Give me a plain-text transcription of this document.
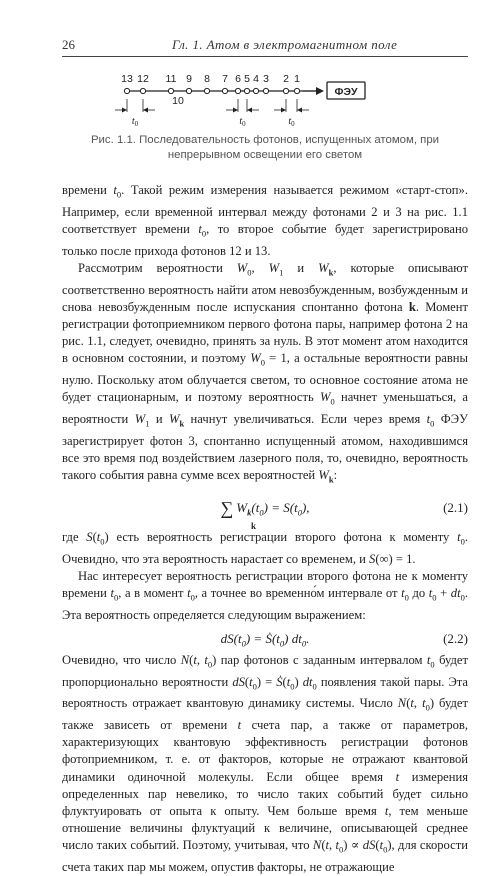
26	Гл. 1. Атом в электромагнитном поле
13 12 11 9 8 7 6 5 4 3 2 1
10
ФЭУ
$t_0$	$t_0$	$t_0$
Рис. 1.1. Последовательность фотонов, испущенных атомом, при непрерывном освещении его светом

времени $t_0$. Такой режим измерения называется режимом «старт-стоп». Например, если временной интервал между фотонами 2 и 3 на рис. 1.1 соответствует времени $t_0$, то второе событие будет зарегистрировано только после прихода фотонов 12 и 13.

Рассмотрим вероятности $W_0$, $W_1$ и $W_k$, которые описывают соответственно вероятность найти атом невозбужденным, возбужденным и снова невозбужденным после испускания спонтанно фотона k. Момент регистрации фотоприемником первого фотона пары, например фотона 2 на рис. 1.1, следует, очевидно, принять за нуль. В этот момент атом находится в основном состоянии, и поэтому $W_0 = 1$, а остальные вероятности равны нулю. Поскольку атом облучается светом, то основное состояние атома не будет стационарным, и поэтому вероятность $W_0$ начнет уменьшаться, а вероятности $W_1$ и $W_k$ начнут увеличиваться. Если через время $t_0$ ФЭУ зарегистрирует фотон 3, спонтанно испущенный атомом, находившимся все это время под воздействием лазерного поля, то, очевидно, вероятность такого события равна сумме всех вероятностей $W_k$:

∑ $W_k(t_0) = S(t_0)$,
k
(2.1)

где $S(t_0)$ есть вероятность регистрации второго фотона к моменту $t_0$. Очевидно, что эта вероятность нарастает со временем, и S(∞) = 1.

Нас интересует вероятность регистрации второго фотона не к моменту времени $t_0$, а в момент $t_0$, а точнее во временно́м интервале от $t_0$ до $t_0 + dt_0$. Эта вероятность определяется следующим выражением:

$dS(t_0)$ = $Ṡ(t_0)$ $dt_0$.	(2.2)

Очевидно, что число N(t, $t_0$) пар фотонов с заданным интервалом $t_0$ будет пропорционально вероятности $dS(t_0)$ = $Ṡ(t_0)$ $dt_0$ появления такой пары. Эта вероятность отражает квантовую динамику системы. Число N(t, $t_0$) будет также зависеть от времени t счета пар, а также от параметров, характеризующих квантовую эффективность регистрации фотонов фотоприемником, т. е. от факторов, которые не отражают квантовой динамики одиночной молекулы. Если общее время t измерения определенных пар невелико, то число таких событий будет сильно флуктуировать от опыта к опыту. Чем больше время t, тем меньше отношение величины флуктуаций к величине, описывающей среднее число таких событий. Поэтому, учитывая, что N(t, $t_0) \propto dS(t_0)$, для скорости счета таких пар мы можем, опустив факторы, не отражающие
